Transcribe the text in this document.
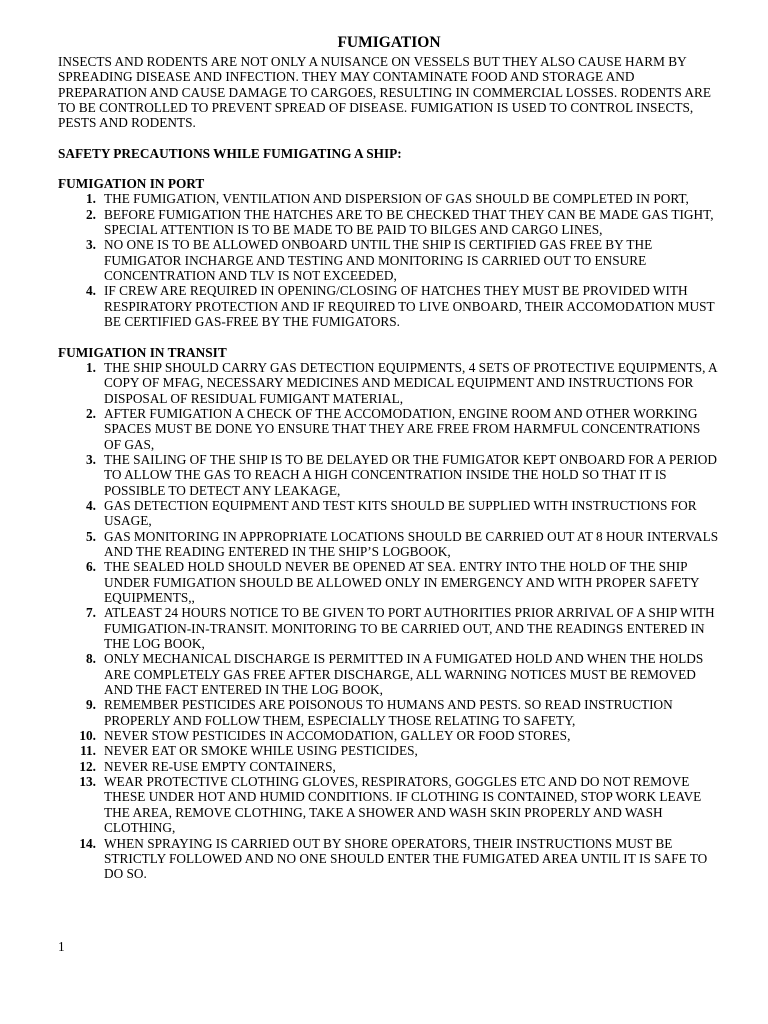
FUMIGATION

INSECTS AND RODENTS ARE NOT ONLY A NUISANCE ON VESSELS BUT THEY ALSO CAUSE HARM BY SPREADING DISEASE AND INFECTION. THEY MAY CONTAMINATE FOOD AND STORAGE AND PREPARATION AND CAUSE DAMAGE TO CARGOES, RESULTING IN COMMERCIAL LOSSES. RODENTS ARE TO BE CONTROLLED TO PREVENT SPREAD OF DISEASE. FUMIGATION IS USED TO CONTROL INSECTS, PESTS AND RODENTS.

SAFETY PRECAUTIONS WHILE FUMIGATING A SHIP:

FUMIGATION IN PORT

1. THE FUMIGATION, VENTILATION AND DISPERSION OF GAS SHOULD BE COMPLETED IN PORT,
2. BEFORE FUMIGATION THE HATCHES ARE TO BE CHECKED THAT THEY CAN BE MADE GAS TIGHT, SPECIAL ATTENTION IS TO BE MADE TO BE PAID TO BILGES AND CARGO LINES,
3. NO ONE IS TO BE ALLOWED ONBOARD UNTIL THE SHIP IS CERTIFIED GAS FREE BY THE FUMIGATOR INCHARGE AND TESTING AND MONITORING IS CARRIED OUT TO ENSURE CONCENTRATION AND TLV IS NOT EXCEEDED,
4. IF CREW ARE REQUIRED IN OPENING/CLOSING OF HATCHES THEY MUST BE PROVIDED WITH RESPIRATORY PROTECTION AND IF REQUIRED TO LIVE ONBOARD, THEIR ACCOMODATION MUST BE CERTIFIED GAS-FREE BY THE FUMIGATORS.

FUMIGATION IN TRANSIT

1. THE SHIP SHOULD CARRY GAS DETECTION EQUIPMENTS, 4 SETS OF PROTECTIVE EQUIPMENTS, A COPY OF MFAG, NECESSARY MEDICINES AND MEDICAL EQUIPMENT AND INSTRUCTIONS FOR DISPOSAL OF RESIDUAL FUMIGANT MATERIAL,
2. AFTER FUMIGATION A CHECK OF THE ACCOMODATION, ENGINE ROOM AND OTHER WORKING SPACES MUST BE DONE YO ENSURE THAT THEY ARE FREE FROM HARMFUL CONCENTRATIONS OF GAS,
3. THE SAILING OF THE SHIP IS TO BE DELAYED OR THE FUMIGATOR KEPT ONBOARD FOR A PERIOD TO ALLOW THE GAS TO REACH A HIGH CONCENTRATION INSIDE THE HOLD SO THAT IT IS POSSIBLE TO DETECT ANY LEAKAGE,
4. GAS DETECTION EQUIPMENT AND TEST KITS SHOULD BE SUPPLIED WITH INSTRUCTIONS FOR USAGE,
5. GAS MONITORING IN APPROPRIATE LOCATIONS SHOULD BE CARRIED OUT AT 8 HOUR INTERVALS AND THE READING ENTERED IN THE SHIP’S LOGBOOK,
6. THE SEALED HOLD SHOULD NEVER BE OPENED AT SEA. ENTRY INTO THE HOLD OF THE SHIP UNDER FUMIGATION SHOULD BE ALLOWED ONLY IN EMERGENCY AND WITH PROPER SAFETY EQUIPMENTS,,
7. ATLEAST 24 HOURS NOTICE TO BE GIVEN TO PORT AUTHORITIES PRIOR ARRIVAL OF A SHIP WITH FUMIGATION-IN-TRANSIT. MONITORING TO BE CARRIED OUT, AND THE READINGS ENTERED IN THE LOG BOOK,
8. ONLY MECHANICAL DISCHARGE IS PERMITTED IN A FUMIGATED HOLD AND WHEN THE HOLDS ARE COMPLETELY GAS FREE AFTER DISCHARGE, ALL WARNING NOTICES MUST BE REMOVED AND THE FACT ENTERED IN THE LOG BOOK,
9. REMEMBER PESTICIDES ARE POISONOUS TO HUMANS AND PESTS. SO READ INSTRUCTION PROPERLY AND FOLLOW THEM, ESPECIALLY THOSE RELATING TO SAFETY,
10. NEVER STOW PESTICIDES IN ACCOMODATION, GALLEY OR FOOD STORES,
11. NEVER EAT OR SMOKE WHILE USING PESTICIDES,
12. NEVER RE-USE EMPTY CONTAINERS,
13. WEAR PROTECTIVE CLOTHING GLOVES, RESPIRATORS, GOGGLES ETC AND DO NOT REMOVE THESE UNDER HOT AND HUMID CONDITIONS. IF CLOTHING IS CONTAINED, STOP WORK LEAVE THE AREA, REMOVE CLOTHING, TAKE A SHOWER AND WASH SKIN PROPERLY AND WASH CLOTHING,
14. WHEN SPRAYING IS CARRIED OUT BY SHORE OPERATORS, THEIR INSTRUCTIONS MUST BE STRICTLY FOLLOWED AND NO ONE SHOULD ENTER THE FUMIGATED AREA UNTIL IT IS SAFE TO DO SO.
1
